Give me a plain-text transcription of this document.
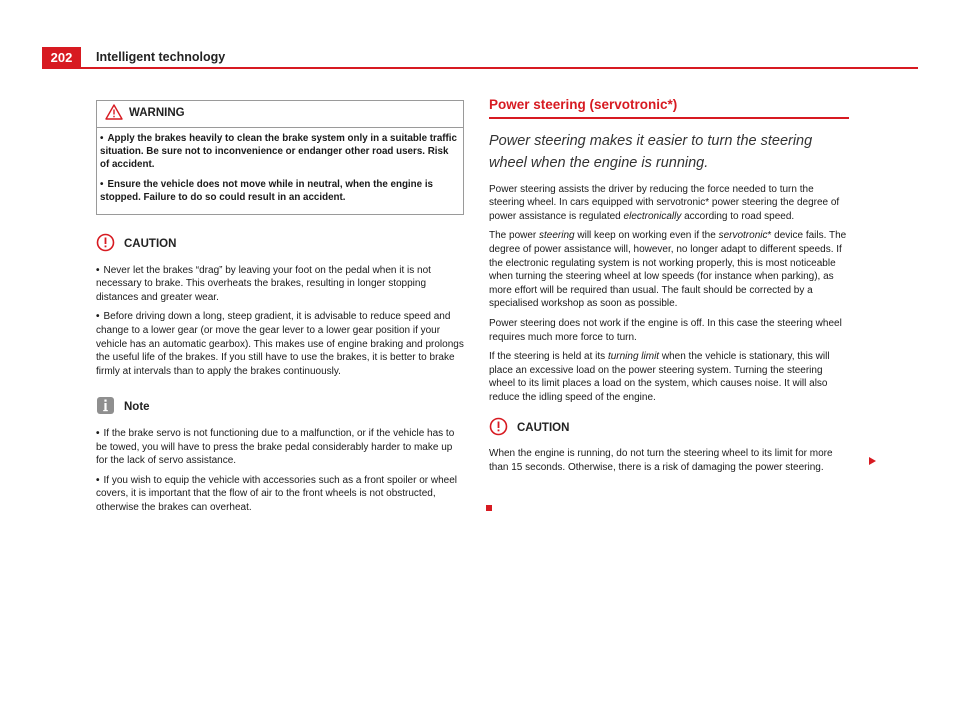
202	Intelligent technology
WARNING

• Apply the brakes heavily to clean the brake system only in a suitable traffic situation. Be sure not to inconvenience or endanger other road users. Risk of accident.

• Ensure the vehicle does not move while in neutral, when the engine is stopped. Failure to do so could result in an accident.

CAUTION

• Never let the brakes “drag” by leaving your foot on the pedal when it is not necessary to brake. This overheats the brakes, resulting in longer stopping distances and greater wear.

• Before driving down a long, steep gradient, it is advisable to reduce speed and change to a lower gear (or move the gear lever to a lower gear position if your vehicle has an automatic gearbox). This makes use of engine braking and prolongs the useful life of the brakes. If you still have to use the brakes, it is better to brake firmly at intervals than to apply the brakes continuously.

Note

• If the brake servo is not functioning due to a malfunction, or if the vehicle has to be towed, you will have to press the brake pedal considerably harder to make up for the lack of servo assistance.

• If you wish to equip the vehicle with accessories such as a front spoiler or wheel covers, it is important that the flow of air to the front wheels is not obstructed, otherwise the brakes can overheat.

Power steering (servotronic*)

Power steering makes it easier to turn the steering wheel when the engine is running.

Power steering assists the driver by reducing the force needed to turn the steering wheel. In cars equipped with servotronic* power steering the degree of power assistance is regulated electronically according to road speed.

The power steering will keep on working even if the servotronic* device fails. The degree of power assistance will, however, no longer adapt to different speeds. If the electronic regulating system is not working properly, this is most noticeable when turning the steering wheel at low speeds (for instance when parking), as more effort will be required than usual. The fault should be corrected by a specialised workshop as soon as possible.

Power steering does not work if the engine is off. In this case the steering wheel requires much more force to turn.

If the steering is held at its turning limit when the vehicle is stationary, this will place an excessive load on the power steering system. Turning the steering wheel to its limit places a load on the system, which causes noise. It will also reduce the idling speed of the engine.

CAUTION

When the engine is running, do not turn the steering wheel to its limit for more than 15 seconds. Otherwise, there is a risk of damaging the power steering.
